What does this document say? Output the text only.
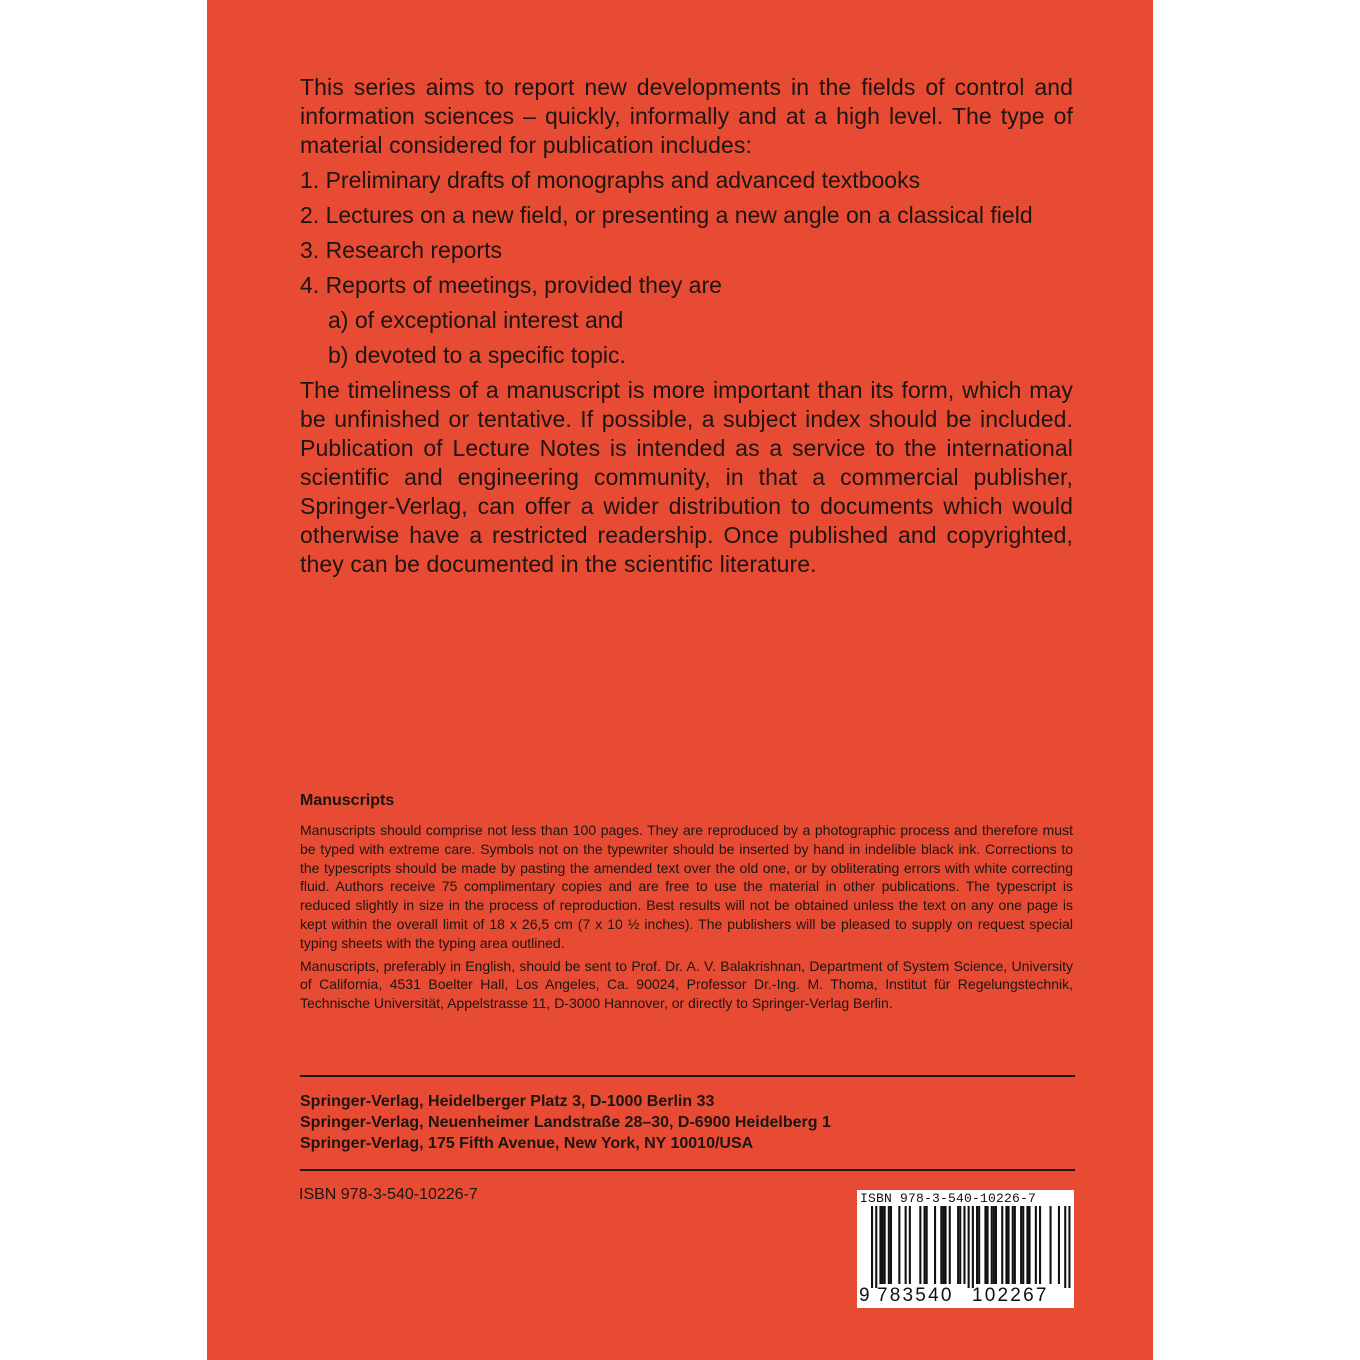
This series aims to report new developments in the fields of control and information sciences – quickly, informally and at a high level. The type of material considered for publication includes:

1. Preliminary drafts of monographs and advanced textbooks

2. Lectures on a new field, or presenting a new angle on a classical field

3. Research reports

4. Reports of meetings, provided they are

a) of exceptional interest and

b) devoted to a specific topic.

The timeliness of a manuscript is more important than its form, which may be unfinished or tentative. If possible, a subject index should be included. Publication of Lecture Notes is intended as a service to the international scientific and engineering community, in that a commercial publisher, Springer-Verlag, can offer a wider distribution to documents which would otherwise have a restricted readership. Once published and copyrighted, they can be documented in the scientific literature.

Manuscripts

Manuscripts should comprise not less than 100 pages. They are reproduced by a photographic process and therefore must be typed with extreme care. Symbols not on the typewriter should be inserted by hand in indelible black ink. Corrections to the typescripts should be made by pasting the amended text over the old one, or by obliterating errors with white correcting fluid. Authors receive 75 complimentary copies and are free to use the material in other publications. The typescript is reduced slightly in size in the process of reproduction. Best results will not be obtained unless the text on any one page is kept within the overall limit of 18 x 26,5 cm (7 x 10 ½ inches). The publishers will be pleased to supply on request special typing sheets with the typing area outlined.

Manuscripts, preferably in English, should be sent to Prof. Dr. A. V. Balakrishnan, Department of System Science, University of California, 4531 Boelter Hall, Los Angeles, Ca. 90024, Professor Dr.-Ing. M. Thoma, Institut für Regelungstechnik, Technische Universität, Appelstrasse 11, D-3000 Hannover, or directly to Springer-Verlag Berlin.

Springer-Verlag, Heidelberger Platz 3, D-1000 Berlin 33

Springer-Verlag, Neuenheimer Landstraße 28–30, D-6900 Heidelberg 1

Springer-Verlag, 175 Fifth Avenue, New York, NY 10010/USA

ISBN 978-3-540-10226-7	ISBN 978-3-540-10226-7
9 783540 102267
